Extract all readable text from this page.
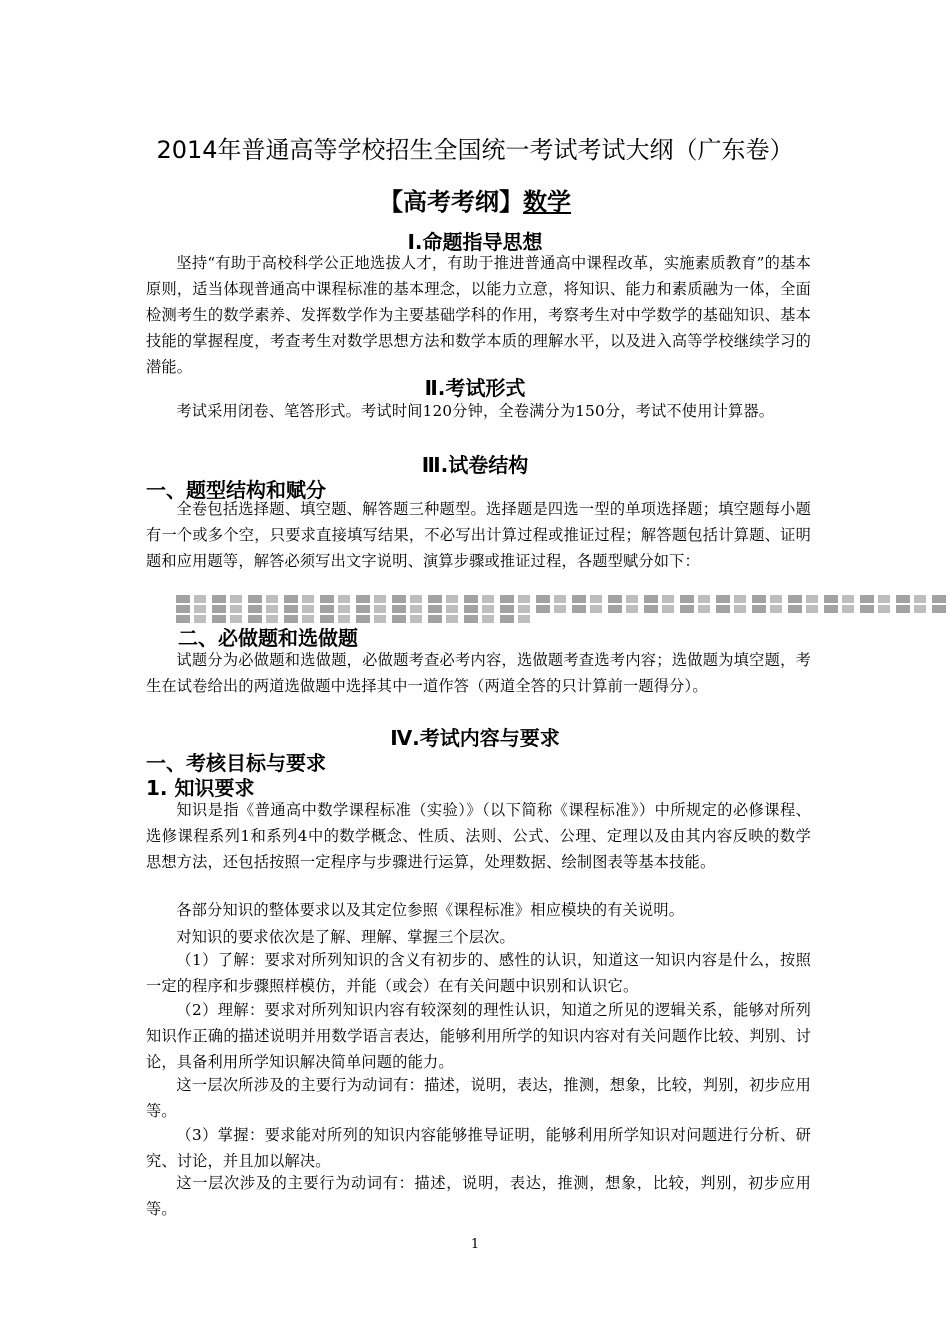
2014年普通高等学校招生全国统一考试考试大纲（广东卷）
【高考考纲】数学
Ⅰ.命题指导思想
坚持“有助于高校科学公正地选拔人才，有助于推进普通高中课程改革，实施素质教育”的基本原则，适当体现普通高中课程标准的基本理念，以能力立意，将知识、能力和素质融为一体，全面检测考生的数学素养、发挥数学作为主要基础学科的作用，考察考生对中学数学的基础知识、基本技能的掌握程度，考查考生对数学思想方法和数学本质的理解水平，以及进入高等学校继续学习的潜能。
Ⅱ.考试形式
考试采用闭卷、笔答形式。考试时间120分钟，全卷满分为150分，考试不使用计算器。
Ⅲ.试卷结构
一、题型结构和赋分
全卷包括选择题、填空题、解答题三种题型。选择题是四选一型的单项选择题；填空题每小题有一个或多个空，只要求直接填写结果，不必写出计算过程或推证过程；解答题包括计算题、证明题和应用题等，解答必须写出文字说明、演算步骤或推证过程，各题型赋分如下：
二、必做题和选做题
试题分为必做题和选做题，必做题考查必考内容，选做题考查选考内容；选做题为填空题，考生在试卷给出的两道选做题中选择其中一道作答（两道全答的只计算前一题得分）。
Ⅳ.考试内容与要求
一、考核目标与要求
1. 知识要求
知识是指《普通高中数学课程标准（实验）》（以下简称《课程标准》）中所规定的必修课程、选修课程系列1和系列4中的数学概念、性质、法则、公式、公理、定理以及由其内容反映的数学思想方法，还包括按照一定程序与步骤进行运算，处理数据、绘制图表等基本技能。
各部分知识的整体要求以及其定位参照《课程标准》相应模块的有关说明。
对知识的要求依次是了解、理解、掌握三个层次。
（1）了解：要求对所列知识的含义有初步的、感性的认识，知道这一知识内容是什么，按照一定的程序和步骤照样模仿，并能（或会）在有关问题中识别和认识它。
（2）理解：要求对所列知识内容有较深刻的理性认识，知道之所见的逻辑关系，能够对所列知识作正确的描述说明并用数学语言表达，能够利用所学的知识内容对有关问题作比较、判别、讨论，具备利用所学知识解决简单问题的能力。
这一层次所涉及的主要行为动词有：描述，说明，表达，推测，想象，比较，判别，初步应用等。
（3）掌握：要求能对所列的知识内容能够推导证明，能够利用所学知识对问题进行分析、研究、讨论，并且加以解决。
这一层次涉及的主要行为动词有：描述，说明，表达，推测，想象，比较，判别，初步应用等。
1
